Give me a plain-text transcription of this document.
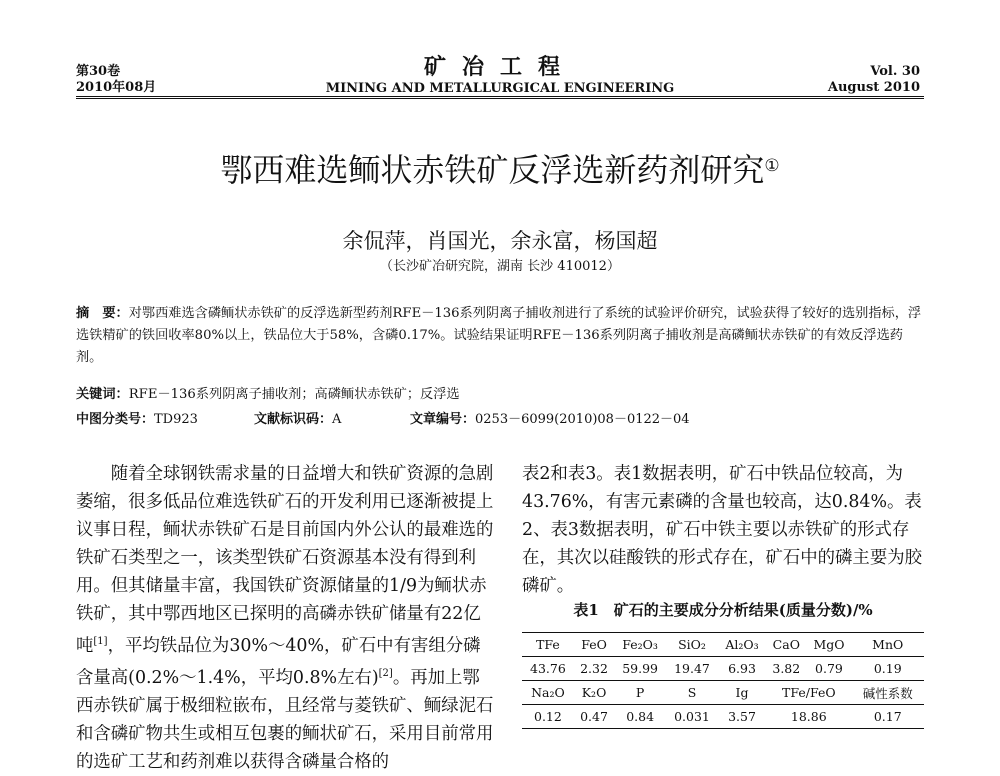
第30卷
2010年08月
矿冶工程
MINING AND METALLURGICAL ENGINEERING
Vol. 30
August 2010
鄂西难选鲕状赤铁矿反浮选新药剂研究①
余侃萍，肖国光，余永富，杨国超
（长沙矿冶研究院，湖南 长沙 410012）
摘　要：对鄂西难选含磷鲕状赤铁矿的反浮选新型药剂RFE－136系列阴离子捕收剂进行了系统的试验评价研究，试验获得了较好的选别指标，浮选铁精矿的铁回收率80%以上，铁品位大于58%，含磷0.17%。试验结果证明RFE－136系列阴离子捕收剂是高磷鲕状赤铁矿的有效反浮选药剂。
关键词：RFE－136系列阴离子捕收剂；高磷鲕状赤铁矿；反浮选
中图分类号：TD923	文献标识码：A	文章编号：0253－6099(2010)08－0122－04

随着全球钢铁需求量的日益增大和铁矿资源的急剧萎缩，很多低品位难选铁矿石的开发利用已逐渐被提上议事日程，鲕状赤铁矿石是目前国内外公认的最难选的铁矿石类型之一，该类型铁矿石资源基本没有得到利用。但其储量丰富，我国铁矿资源储量的1/9为鲕状赤铁矿，其中鄂西地区已探明的高磷赤铁矿储量有22亿吨[1]，平均铁品位为30%～40%，矿石中有害组分磷含量高(0.2%～1.4%，平均0.8%左右)[2]。再加上鄂西赤铁矿属于极细粒嵌布，且经常与菱铁矿、鲕绿泥石和含磷矿物共生或相互包裹的鲕状矿石，采用目前常用的选矿工艺和药剂难以获得含磷量合格的

表2和表3。表1数据表明，矿石中铁品位较高，为43.76%，有害元素磷的含量也较高，达0.84%。表2、表3数据表明，矿石中铁主要以赤铁矿的形式存在，其次以硅酸铁的形式存在，矿石中的磷主要为胶磷矿。

表1　矿石的主要成分分析结果(质量分数)/%
TFe	FeO	Fe₂O₃	SiO₂	Al₂O₃	CaO	MgO	MnO
43.76	2.32	59.99	19.47	6.93	3.82	0.79	0.19
Na₂O	K₂O	P	S	Ig	TFe/FeO		碱性系数
0.12	0.47	0.84	0.031	3.57	18.86		0.17
